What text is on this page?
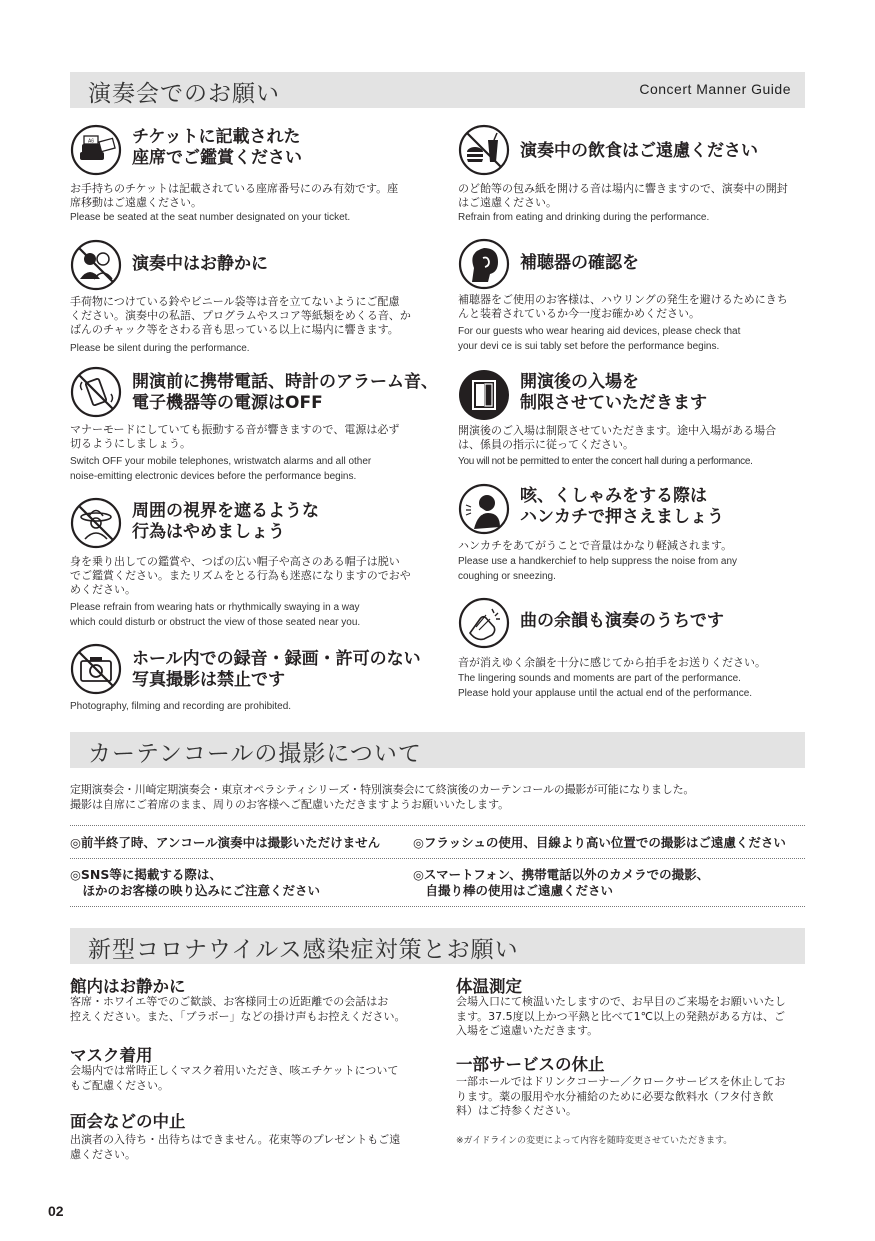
演奏会でのお願い	Concert Manner Guide
A6 チケットに記載された
座席でご鑑賞ください
お手持ちのチケットは記載されている座席番号にのみ有効です。座
席移動はご遠慮ください。
Please be seated at the seat number designated on your ticket.
演奏中はお静かに
手荷物につけている鈴やビニール袋等は音を立てないようにご配慮
ください。演奏中の私語、プログラムやスコア等紙類をめくる音、か
ばんのチャック等をさわる音も思っている以上に場内に響きます。
Please be silent during the performance.
開演前に携帯電話、時計のアラーム音、
電子機器等の電源はOFF
マナーモードにしていても振動する音が響きますので、電源は必ず
切るようにしましょう。
Switch OFF your mobile telephones, wristwatch alarms and all other
noise-emitting electronic devices before the performance begins.
周囲の視界を遮るような
行為はやめましょう
身を乗り出しての鑑賞や、つばの広い帽子や高さのある帽子は脱い
でご鑑賞ください。またリズムをとる行為も迷惑になりますのでおや
めください。
Please refrain from wearing hats or rhythmically swaying in a way
which could disturb or obstruct the view of those seated near you.
ホール内での録音・録画・許可のない
写真撮影は禁止です
Photography, filming and recording are prohibited.
演奏中の飲食はご遠慮ください
のど飴等の包み紙を開ける音は場内に響きますので、演奏中の開封
はご遠慮ください。
Refrain from eating and drinking during the performance.
補聴器の確認を
補聴器をご使用のお客様は、ハウリングの発生を避けるためにきち
んと装着されているか今一度お確かめください。
For our guests who wear hearing aid devices, please check that
your devi ce is sui tably set before the performance begins.
開演後の入場を
制限させていただきます
開演後のご入場は制限させていただきます。途中入場がある場合
は、係員の指示に従ってください。
You will not be permitted to enter the concert hall during a performance.
咳、くしゃみをする際は
ハンカチで押さえましょう
ハンカチをあてがうことで音量はかなり軽減されます。
Please use a handkerchief to help suppress the noise from any
coughing or sneezing.
曲の余韻も演奏のうちです
音が消えゆく余韻を十分に感じてから拍手をお送りください。
The lingering sounds and moments are part of the performance.
Please hold your applause until the actual end of the performance.
カーテンコールの撮影について
定期演奏会・川崎定期演奏会・東京オペラシティシリーズ・特別演奏会にて終演後のカーテンコールの撮影が可能になりました。
撮影は自席にご着席のまま、周りのお客様へご配慮いただきますようお願いいたします。
◎前半終了時、アンコール演奏中は撮影いただけません	◎フラッシュの使用、目線より高い位置での撮影はご遠慮ください
◎SNS等に掲載する際は、
　ほかのお客様の映り込みにご注意ください
◎スマートフォン、携帯電話以外のカメラでの撮影、
　自撮り棒の使用はご遠慮ください
新型コロナウイルス感染症対策とお願い
館内はお静かに
客席・ホワイエ等でのご歓談、お客様同士の近距離での会話はお
控えください。また、「ブラボー」などの掛け声もお控えください。
マスク着用
会場内では常時正しくマスク着用いただき、咳エチケットについて
もご配慮ください。
面会などの中止
出演者の入待ち・出待ちはできません。花束等のプレゼントもご遠
慮ください。
体温測定
会場入口にて検温いたしますので、お早目のご来場をお願いいたし
ます。37.5度以上かつ平熱と比べて1℃以上の発熱がある方は、ご
入場をご遠慮いただきます。
一部サービスの休止
一部ホールではドリンクコーナー／クロークサービスを休止してお
ります。薬の服用や水分補給のために必要な飲料水（フタ付き飲
料）はご持参ください。
※ガイドラインの変更によって内容を随時変更させていただきます。
02
